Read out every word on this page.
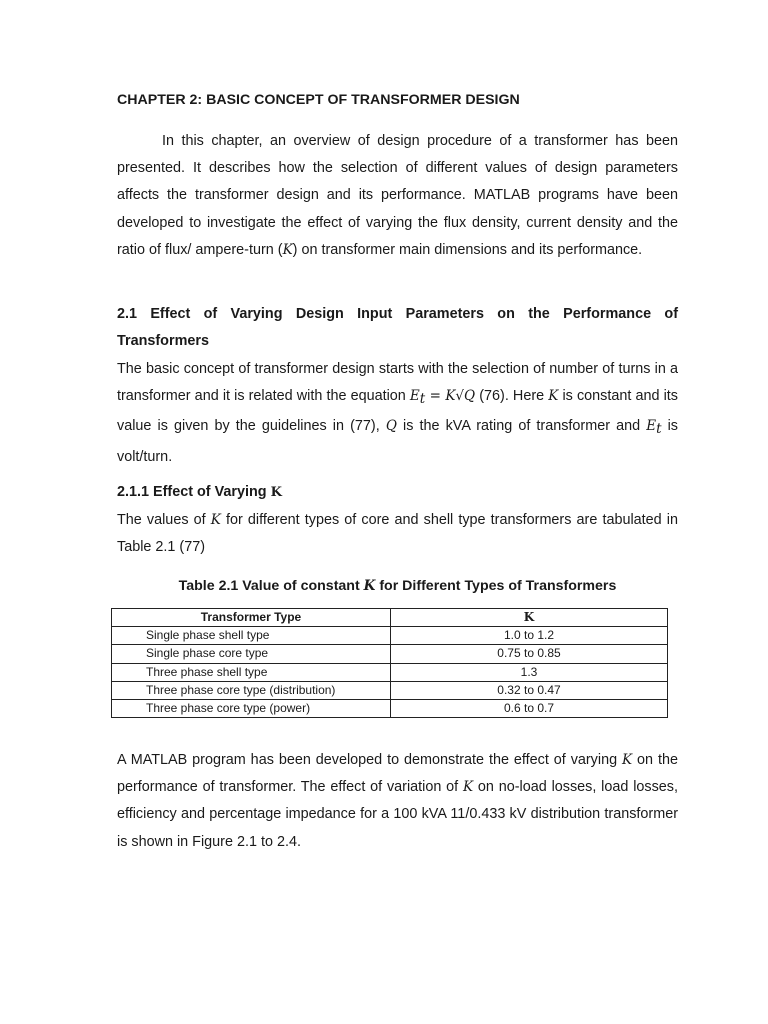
CHAPTER 2: BASIC CONCEPT OF TRANSFORMER DESIGN
In this chapter, an overview of design procedure of a transformer has been presented. It describes how the selection of different values of design parameters affects the transformer design and its performance. MATLAB programs have been developed to investigate the effect of varying the flux density, current density and the ratio of flux/ ampere-turn (K) on transformer main dimensions and its performance.
2.1 Effect of Varying Design Input Parameters on the Performance of Transformers
The basic concept of transformer design starts with the selection of number of turns in a transformer and it is related with the equation $E_t = K√Q$ (76). Here K is constant and its value is given by the guidelines in (77), Q is the kVA rating of transformer and $E_t$ is volt/turn.
2.1.1 Effect of Varying K
The values of K for different types of core and shell type transformers are tabulated in Table 2.1 (77)
Table 2.1 Value of constant K for Different Types of Transformers
Transformer Type	K
Single phase shell type	1.0 to 1.2
Single phase core type	0.75 to 0.85
Three phase shell type	1.3
Three phase core type (distribution)	0.32 to 0.47
Three phase core type (power)	0.6 to 0.7
A MATLAB program has been developed to demonstrate the effect of varying K on the performance of transformer. The effect of variation of K on no-load losses, load losses, efficiency and percentage impedance for a 100 kVA 11/0.433 kV distribution transformer is shown in Figure 2.1 to 2.4.
